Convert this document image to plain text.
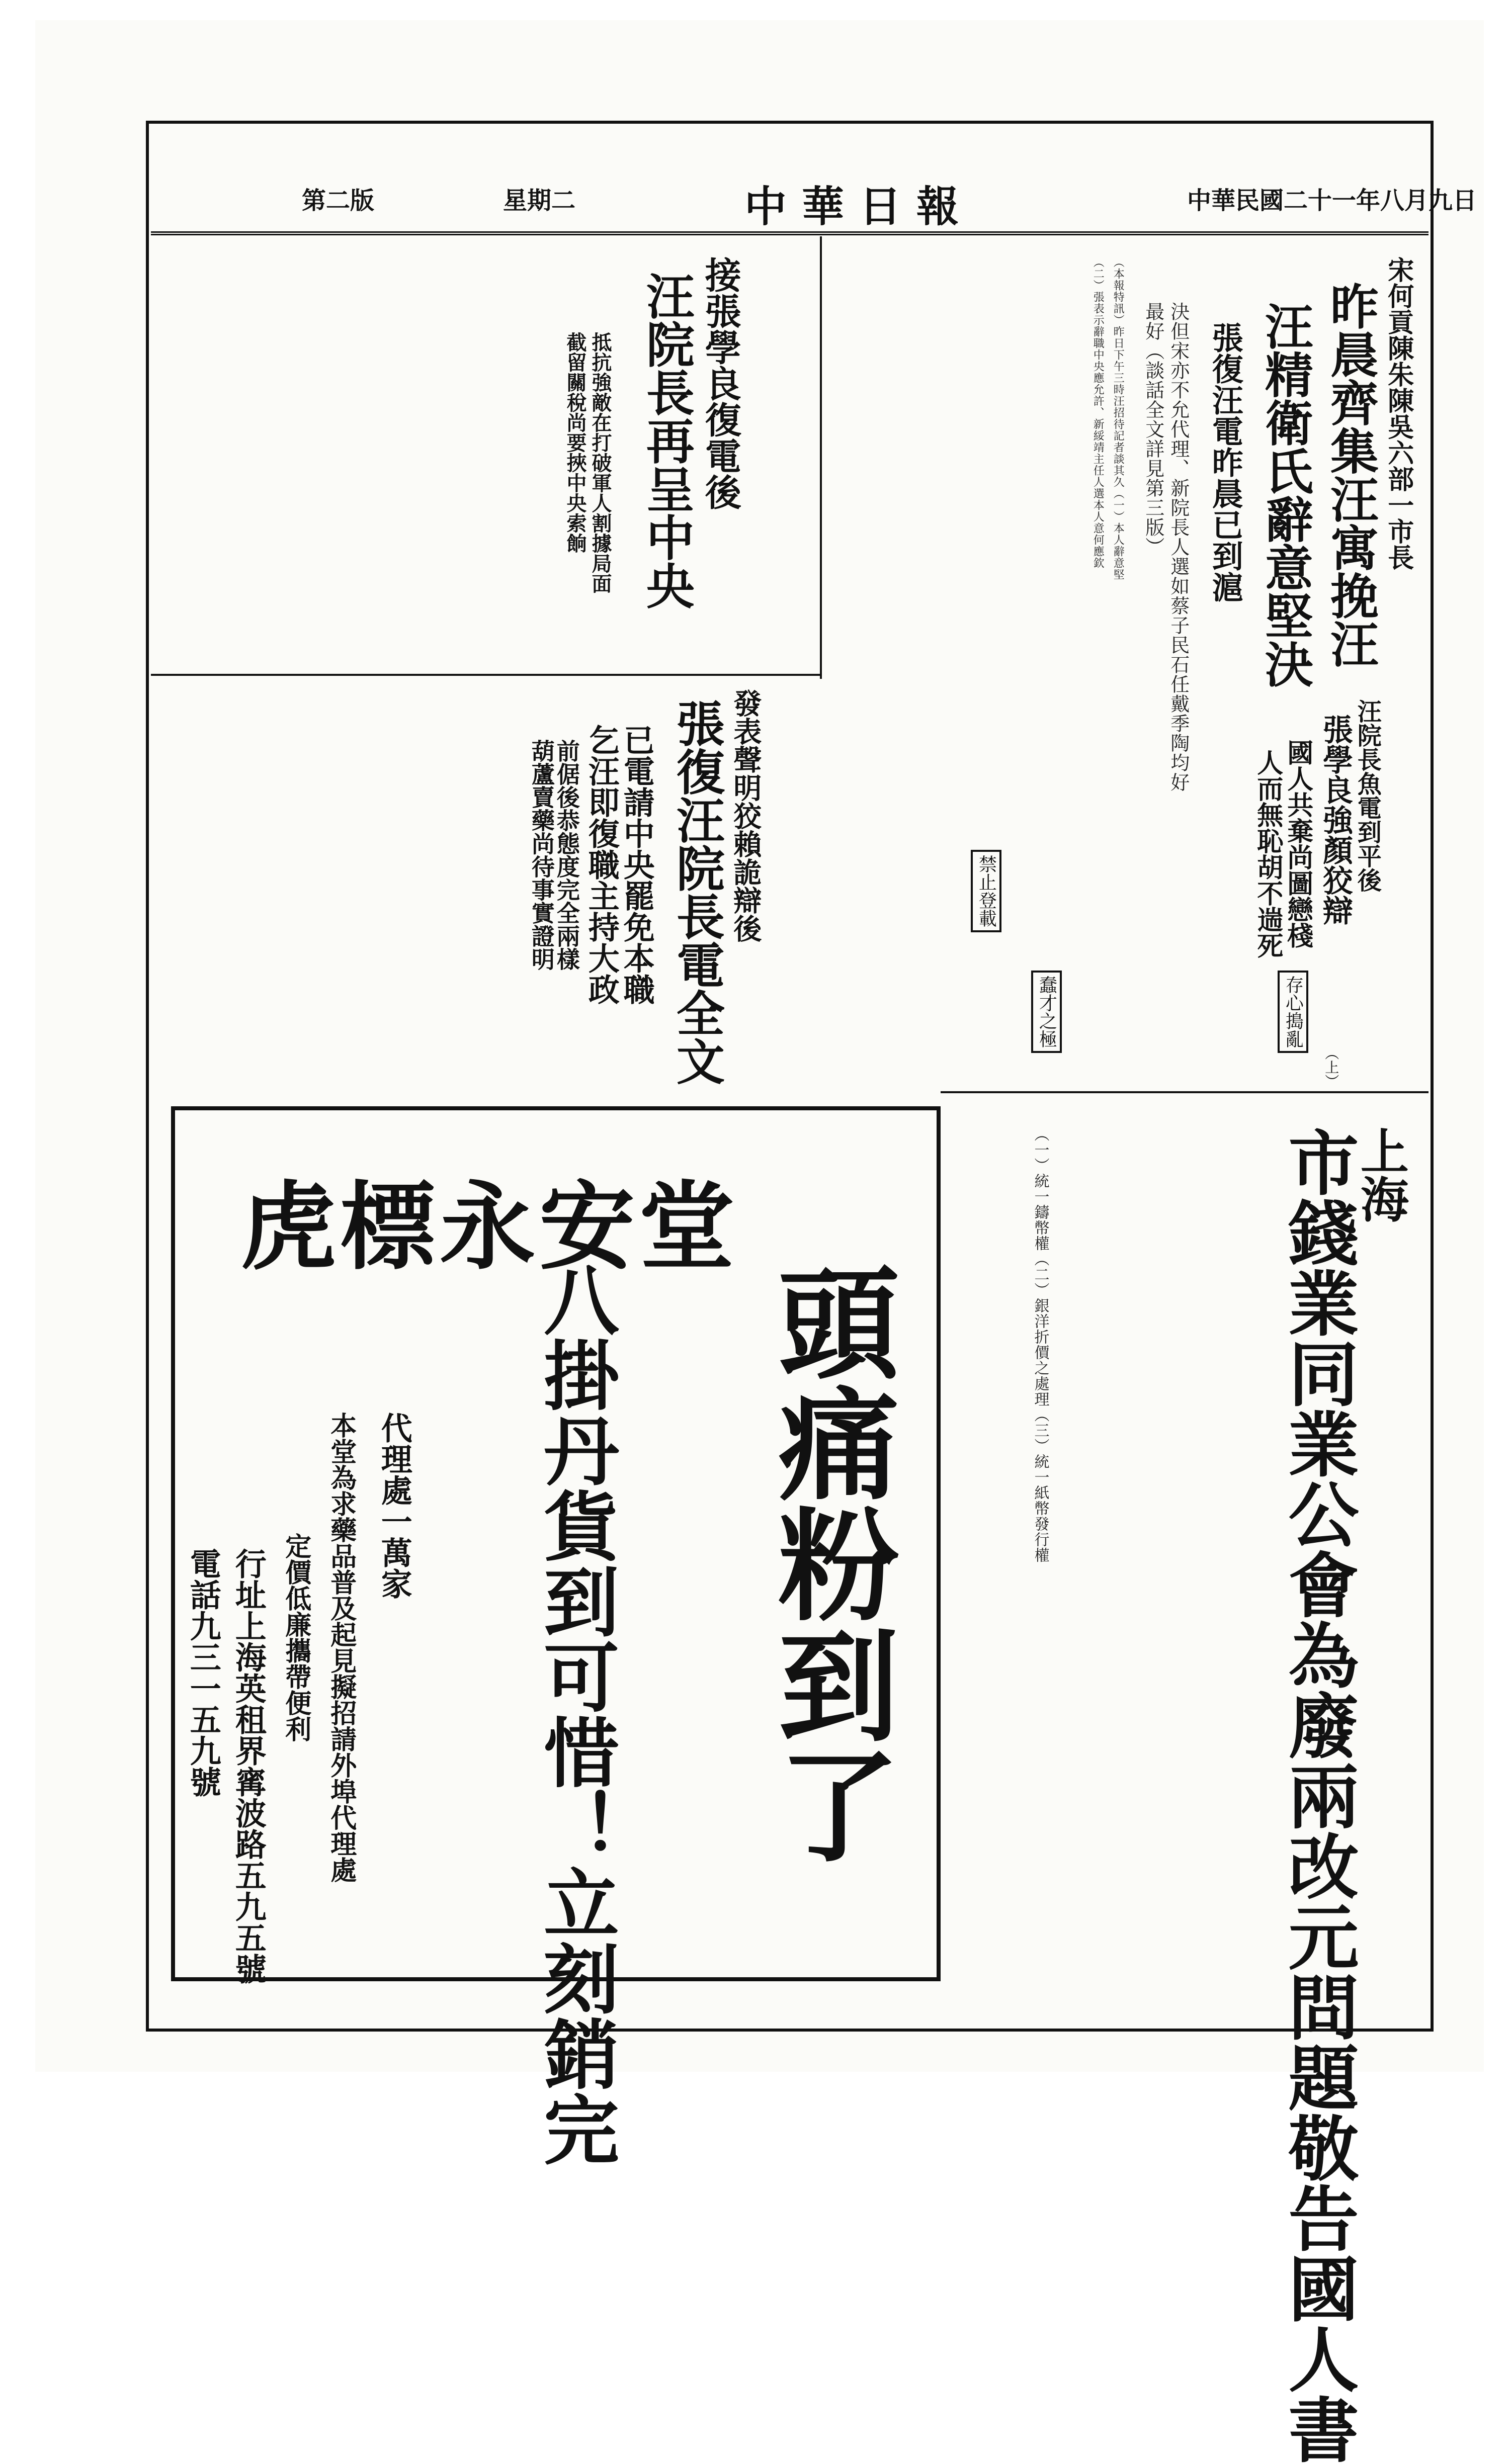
中華民國二十一年八月九日
中華日報
星期二
第二版
宋何貢陳朱陳吳六部一市長
昨晨齊集汪寓挽汪
汪精衛氏辭意堅決
張復汪電昨晨已到滬
決但宋亦不允代理、新院長人選如蔡子民石任戴季陶均好
最好（談話全文詳見第三版）
（本報特訊）昨日下午三時汪招待記者談其久（一）本人辭意堅
（二）張表示辭職中央應允許、新綏靖主任人選本人意何應欽
接張學良復電後
汪院長再呈中央
抵抗強敵在打破軍人割據局面
截留關稅尚要挾中央索餉
發表聲明狡賴詭辯後
張復汪院長電全文
已電請中央罷免本職
乞汪即復職主持大政
前倨後恭態度完全兩樣
葫蘆賣藥尚待事實證明	汪院長魚電到平後
張學良強顏狡辯
國人共棄尚圖戀棧
人而無恥胡不遄死
存心搗亂
禁止登載
蠢才之極
（上）
上海
市錢業同業公會為廢兩改元問題敬告國人書
（一）統一鑄幣權（二）銀洋折價之處理（三）統一紙幣發行權
虎標永安堂
頭痛粉到了
八掛丹貨到可惜！立刻銷完
代理處一萬家
本堂為求藥品普及起見擬招請外埠代理處
定價低廉攜帶便利
行址上海英租界寗波路五九五號
電話九三一五九號
